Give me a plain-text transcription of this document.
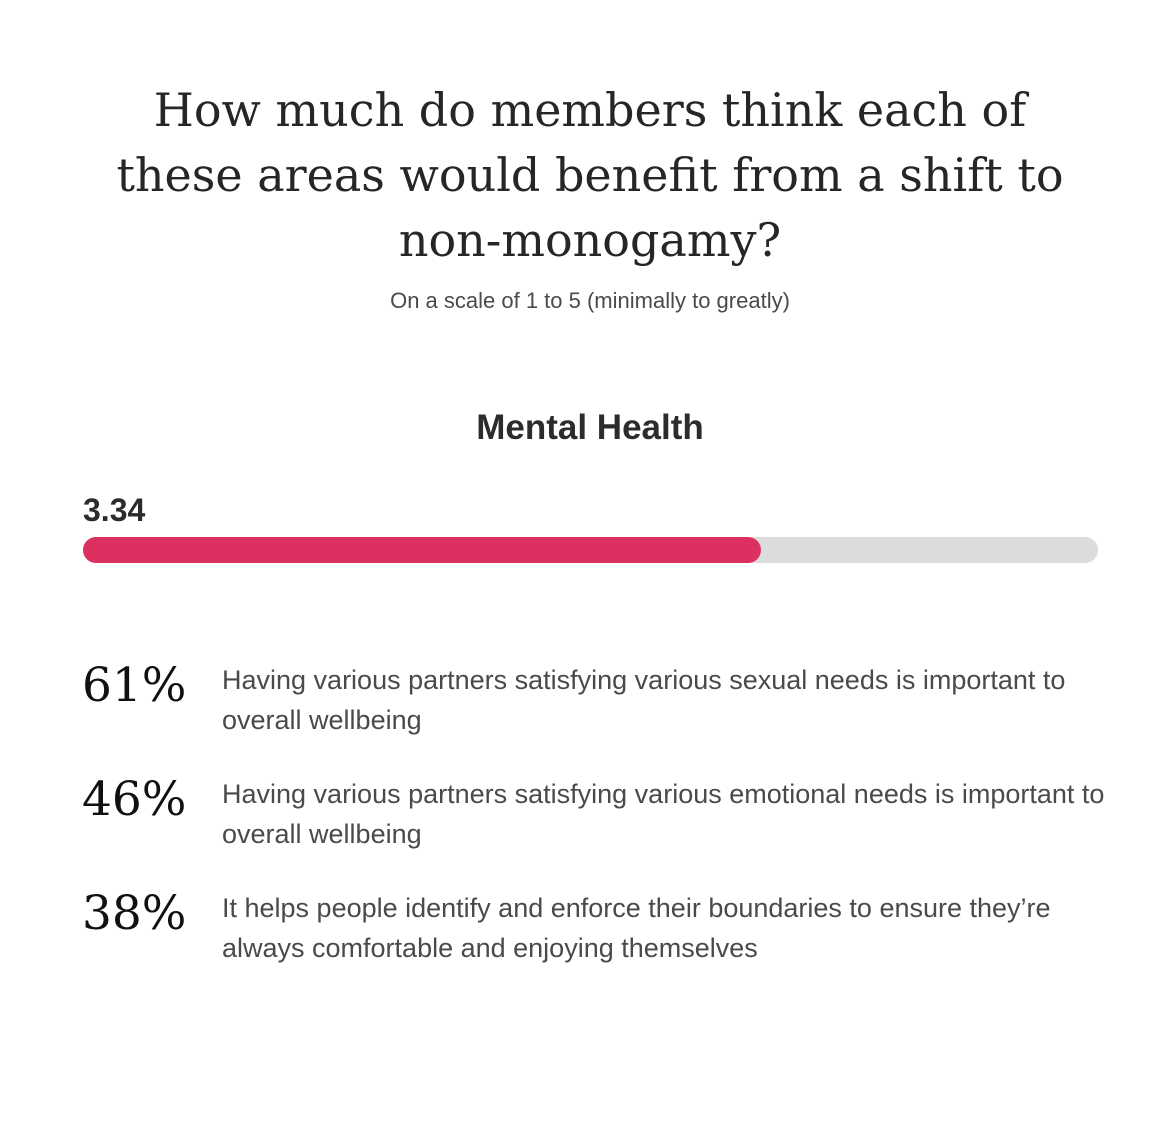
How much do members think each of these areas would benefit from a shift to non-monogamy?
On a scale of 1 to 5 (minimally to greatly)
Mental Health
3.34
61%	Having various partners satisfying various sexual needs is important to overall wellbeing
46%	Having various partners satisfying various emotional needs is important to overall wellbeing
38%	It helps people identify and enforce their boundaries to ensure they’re always comfortable and enjoying themselves
